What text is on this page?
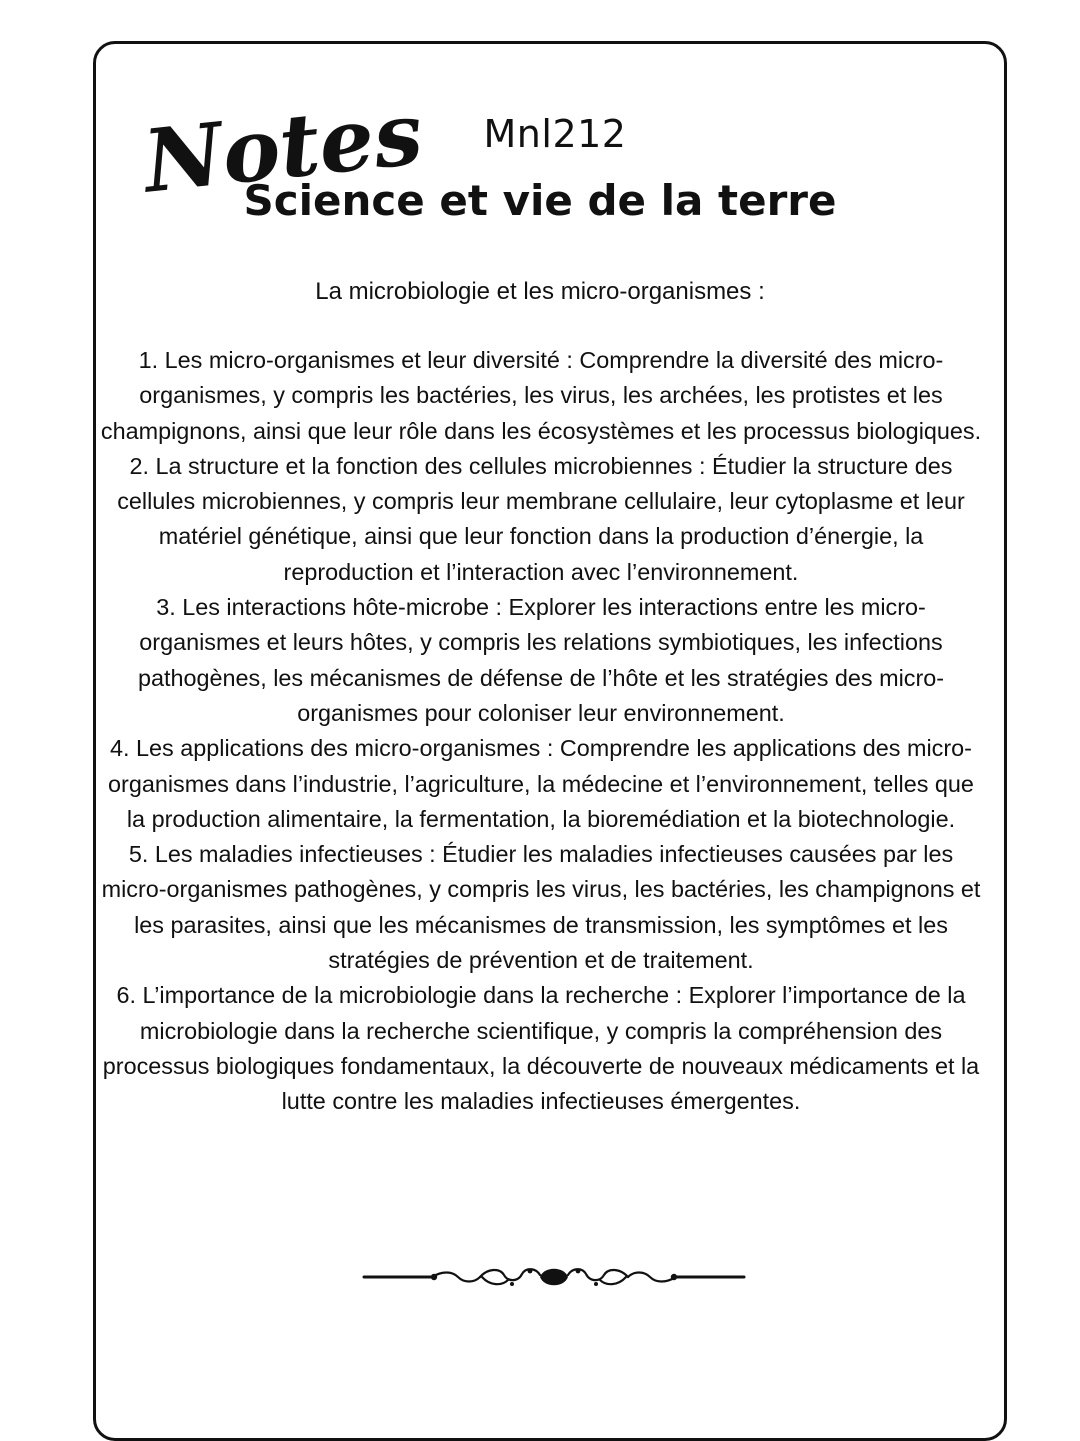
Notes	Mnl212
Science et vie de la terre
La microbiologie et les micro-organismes :
1. Les micro-organismes et leur diversité : Comprendre la diversité des micro-organismes, y compris les bactéries, les virus, les archées, les protistes et les champignons, ainsi que leur rôle dans les écosystèmes et les processus biologiques.
2. La structure et la fonction des cellules microbiennes : Étudier la structure des cellules microbiennes, y compris leur membrane cellulaire, leur cytoplasme et leur matériel génétique, ainsi que leur fonction dans la production d’énergie, la reproduction et l’interaction avec l’environnement.
3. Les interactions hôte-microbe : Explorer les interactions entre les micro-organismes et leurs hôtes, y compris les relations symbiotiques, les infections pathogènes, les mécanismes de défense de l’hôte et les stratégies des micro-organismes pour coloniser leur environnement.
4. Les applications des micro-organismes : Comprendre les applications des micro-organismes dans l’industrie, l’agriculture, la médecine et l’environnement, telles que la production alimentaire, la fermentation, la bioremédiation et la biotechnologie.
5. Les maladies infectieuses : Étudier les maladies infectieuses causées par les micro-organismes pathogènes, y compris les virus, les bactéries, les champignons et les parasites, ainsi que les mécanismes de transmission, les symptômes et les stratégies de prévention et de traitement.
6. L’importance de la microbiologie dans la recherche : Explorer l’importance de la microbiologie dans la recherche scientifique, y compris la compréhension des processus biologiques fondamentaux, la découverte de nouveaux médicaments et la lutte contre les maladies infectieuses émergentes.
